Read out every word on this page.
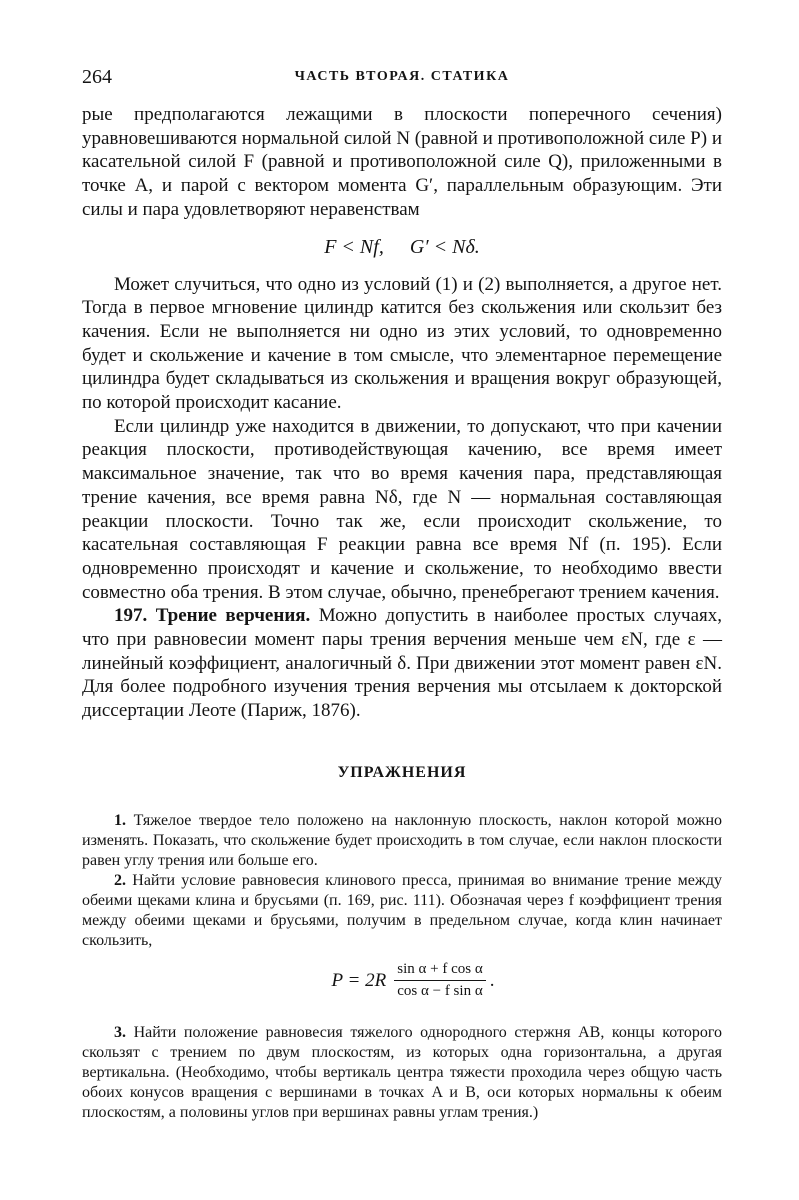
264	ЧАСТЬ ВТОРАЯ. СТАТИКА

рые предполагаются лежащими в плоскости поперечного сечения) уравновешиваются нормальной силой N (равной и противоположной силе P) и касательной силой F (равной и противоположной силе Q), приложенными в точке A, и парой с вектором момента G′, параллельным образующим. Эти силы и пара удовлетворяют неравенствам

F < Nf, G′ < Nδ.

Может случиться, что одно из условий (1) и (2) выполняется, а другое нет. Тогда в первое мгновение цилиндр катится без скольжения или скользит без качения. Если не выполняется ни одно из этих условий, то одновременно будет и скольжение и качение в том смысле, что элементарное перемещение цилиндра будет складываться из скольжения и вращения вокруг образующей, по которой происходит касание.

Если цилиндр уже находится в движении, то допускают, что при качении реакция плоскости, противодействующая качению, все время имеет максимальное значение, так что во время качения пара, представляющая трение качения, все время равна Nδ, где N — нормальная составляющая реакции плоскости. Точно так же, если происходит скольжение, то касательная составляющая F реакции равна все время Nf (п. 195). Если одновременно происходят и качение и скольжение, то необходимо ввести совместно оба трения. В этом случае, обычно, пренебрегают трением качения.

197. Трение верчения. Можно допустить в наиболее простых случаях, что при равновесии момент пары трения верчения меньше чем εN, где ε — линейный коэффициент, аналогичный δ. При движении этот момент равен εN. Для более подробного изучения трения верчения мы отсылаем к докторской диссертации Леоте (Париж, 1876).

УПРАЖНЕНИЯ

1. Тяжелое твердое тело положено на наклонную плоскость, наклон которой можно изменять. Показать, что скольжение будет происходить в том случае, если наклон плоскости равен углу трения или больше его.

2. Найти условие равновесия клинового пресса, принимая во внимание трение между обеими щеками клина и брусьями (п. 169, рис. 111). Обозначая через f коэффициент трения между обеими щеками и брусьями, получим в предельном случае, когда клин начинает скользить,

$P = 2R \frac{\text{sin α + f cos α}}{\text{cos α − f sin α}}$ .

3. Найти положение равновесия тяжелого однородного стержня AB, концы которого скользят с трением по двум плоскостям, из которых одна горизонтальна, а другая вертикальна. (Необходимо, чтобы вертикаль центра тяжести проходила через общую часть обоих конусов вращения с вершинами в точках A и B, оси которых нормальны к обеим плоскостям, а половины углов при вершинах равны углам трения.)
